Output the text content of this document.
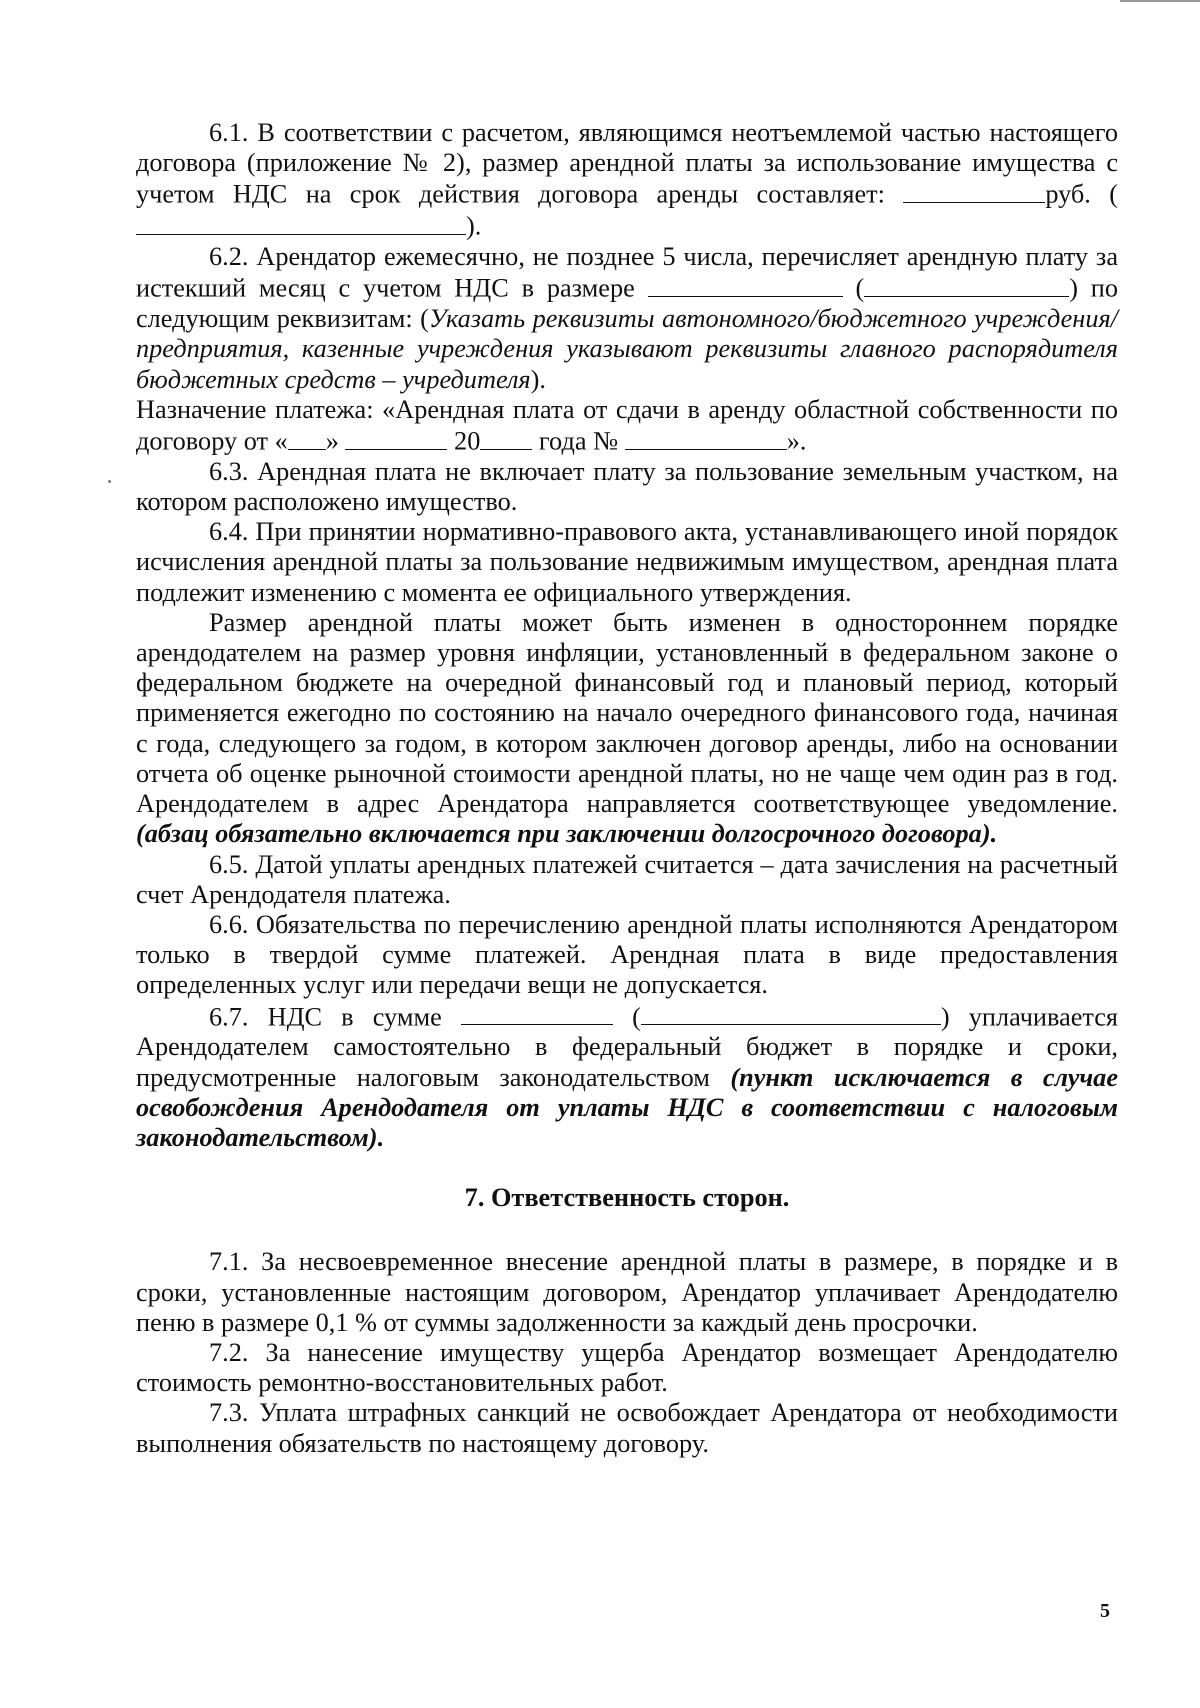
6.1. В соответствии с расчетом, являющимся неотъемлемой частью настоящего договора (приложение № 2), размер арендной платы за использование имущества с учетом НДС на срок действия договора аренды составляет:	руб. ().

6.2. Арендатор ежемесячно, не позднее 5 числа, перечисляет арендную плату за истекший месяц с учетом НДС в размере	(	) по следующим реквизитам: (Указать реквизиты автономного/бюджетного учреждения/предприятия, казенные учреждения указывают реквизиты главного распорядителя бюджетных средств – учредителя).

Назначение платежа: «Арендная плата от сдачи в аренду областной собственности по договору от « »	20 года №	».

6.3. Арендная плата не включает плату за пользование земельным участком, на котором расположено имущество.

6.4. При принятии нормативно-правового акта, устанавливающего иной порядок исчисления арендной платы за пользование недвижимым имуществом, арендная плата подлежит изменению с момента ее официального утверждения.

Размер арендной платы может быть изменен в одностороннем порядке арендодателем на размер уровня инфляции, установленный в федеральном законе о федеральном бюджете на очередной финансовый год и плановый период, который применяется ежегодно по состоянию на начало очередного финансового года, начиная с года, следующего за годом, в котором заключен договор аренды, либо на основании отчета об оценке рыночной стоимости арендной платы, но не чаще чем один раз в год. Арендодателем в адрес Арендатора направляется соответствующее уведомление. (абзац обязательно включается при заключении долгосрочного договора).

6.5. Датой уплаты арендных платежей считается – дата зачисления на расчетный счет Арендодателя платежа.

6.6. Обязательства по перечислению арендной платы исполняются Арендатором только в твердой сумме платежей. Арендная плата в виде предоставления определенных услуг или передачи вещи не допускается.

6.7. НДС в сумме	(	) уплачивается Арендодателем самостоятельно в федеральный бюджет в порядке и сроки, предусмотренные налоговым законодательством (пункт исключается в случае освобождения Арендодателя от уплаты НДС в соответствии с налоговым законодательством).

7. Ответственность сторон.

7.1. За несвоевременное внесение арендной платы в размере, в порядке и в сроки, установленные настоящим договором, Арендатор уплачивает Арендодателю пеню в размере 0,1 % от суммы задолженности за каждый день просрочки.

7.2. За нанесение имуществу ущерба Арендатор возмещает Арендодателю стоимость ремонтно-восстановительных работ.

7.3. Уплата штрафных санкций не освобождает Арендатора от необходимости выполнения обязательств по настоящему договору.

5
